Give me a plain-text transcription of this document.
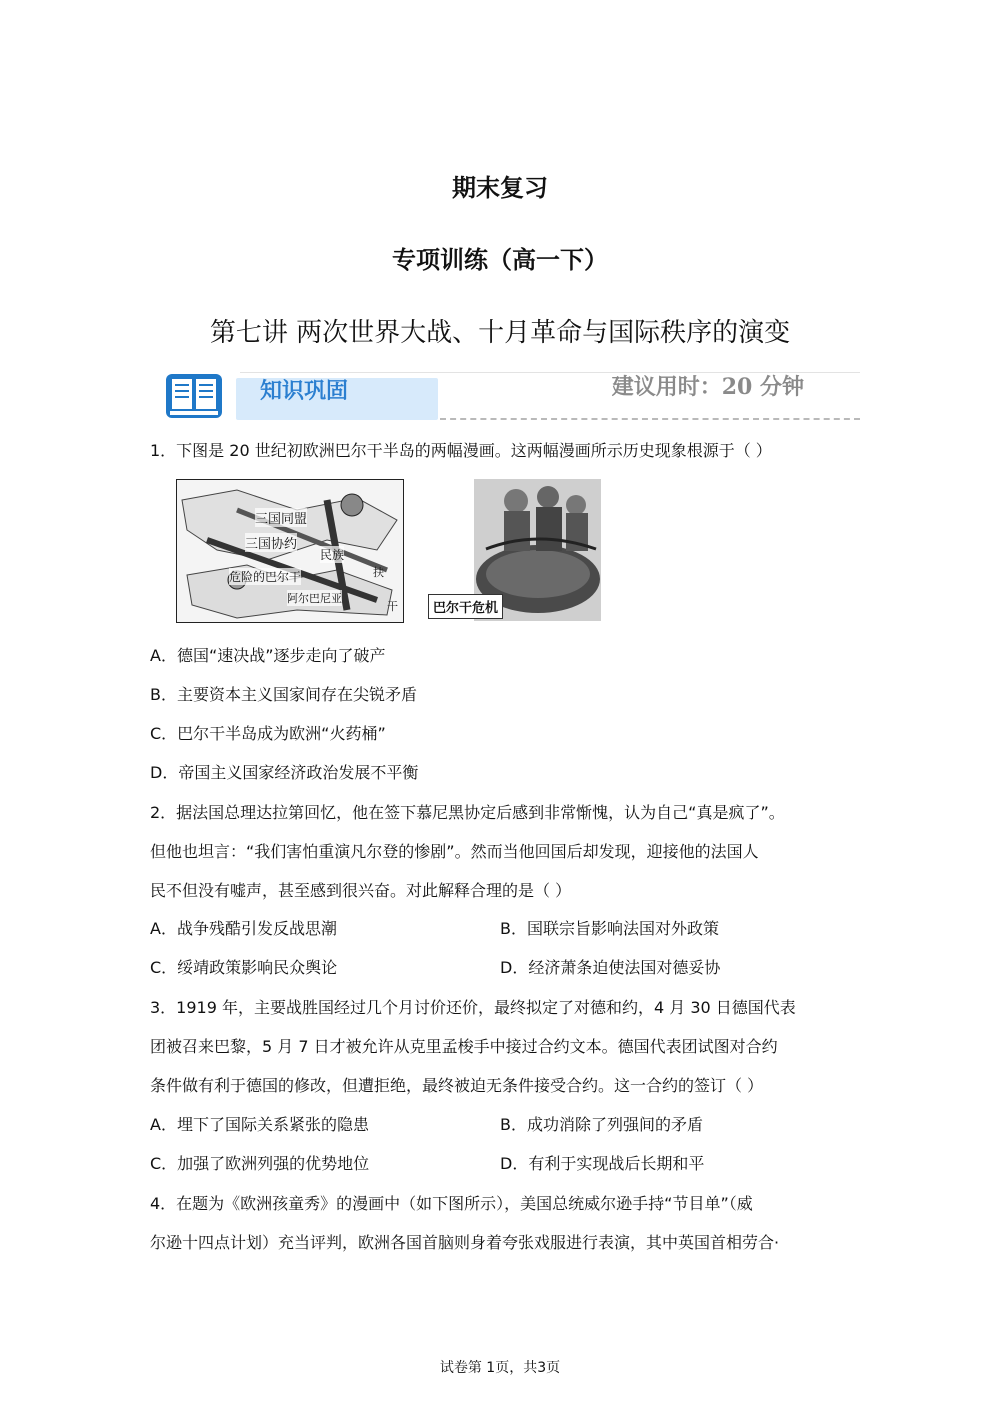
期末复习
专项训练（高一下）
第七讲 两次世界大战、十月革命与国际秩序的演变
知识巩固	建议用时：20 分钟
1．下图是 20 世纪初欧洲巴尔干半岛的两幅漫画。这两幅漫画所示历史现象根源于（ ）
三国同盟
三国协约
民族
危险的巴尔干
阿尔巴尼亚
扶
干	巴尔干危机
A．德国“速决战”逐步走向了破产
B．主要资本主义国家间存在尖锐矛盾
C．巴尔干半岛成为欧洲“火药桶”
D．帝国主义国家经济政治发展不平衡
2．据法国总理达拉第回忆，他在签下慕尼黑协定后感到非常惭愧，认为自己“真是疯了”。
但他也坦言：“我们害怕重演凡尔登的惨剧”。然而当他回国后却发现，迎接他的法国人
民不但没有嘘声，甚至感到很兴奋。对此解释合理的是（ ）
A．战争残酷引发反战思潮	B．国联宗旨影响法国对外政策
C．绥靖政策影响民众舆论	D．经济萧条迫使法国对德妥协
3．1919 年，主要战胜国经过几个月讨价还价，最终拟定了对德和约，4 月 30 日德国代表
团被召来巴黎，5 月 7 日才被允许从克里孟梭手中接过合约文本。德国代表团试图对合约
条件做有利于德国的修改，但遭拒绝，最终被迫无条件接受合约。这一合约的签订（ ）
A．埋下了国际关系紧张的隐患	B．成功消除了列强间的矛盾
C．加强了欧洲列强的优势地位	D．有利于实现战后长期和平
4．在题为《欧洲孩童秀》的漫画中（如下图所示），美国总统威尔逊手持“节目单”（威
尔逊十四点计划）充当评判，欧洲各国首脑则身着夸张戏服进行表演，其中英国首相劳合·
试卷第 1页，共3页
